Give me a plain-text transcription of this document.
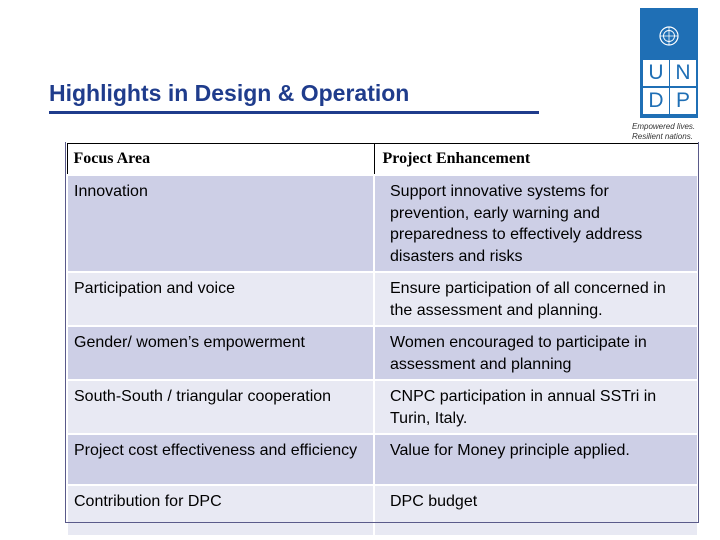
Highlights in Design & Operation
U N
D P
Empowered lives.
Resilient nations.
Focus Area	Project Enhancement
Innovation	Support innovative systems for prevention, early warning and preparedness to effectively address disasters and risks
Participation and voice	Ensure participation of all concerned in the assessment and planning.
Gender/ women’s empowerment	Women encouraged to participate in assessment and planning
South-South / triangular cooperation	CNPC participation in annual SSTri in Turin, Italy.
Project cost effectiveness and efficiency	Value for Money principle applied.
Contribution for DPC	DPC budget
